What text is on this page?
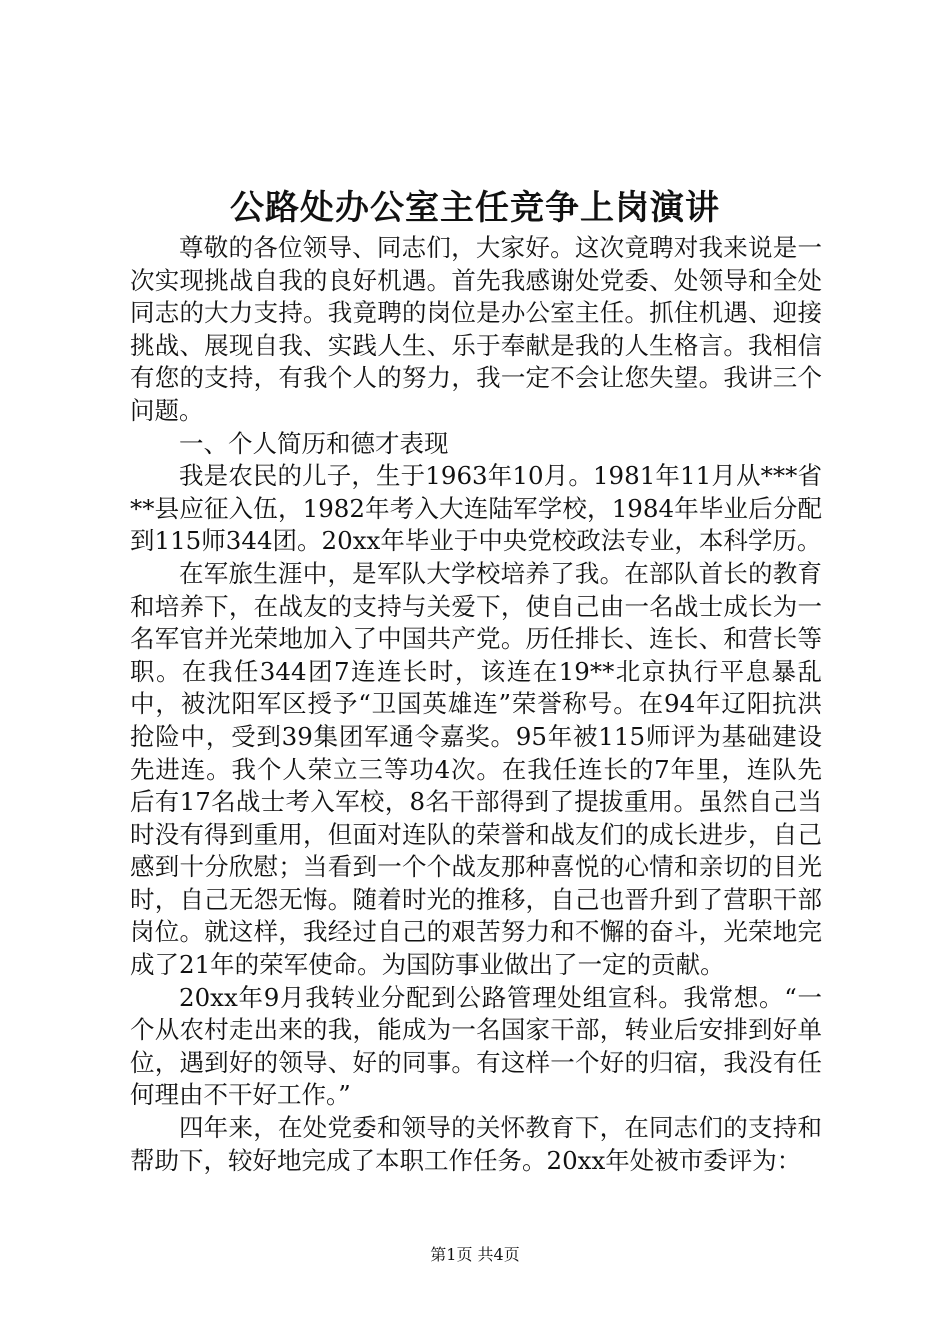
公路处办公室主任竞争上岗演讲

尊敬的各位领导、同志们，大家好。这次竟聘对我来说是一次实现挑战自我的良好机遇。首先我感谢处党委、处领导和全处同志的大力支持。我竟聘的岗位是办公室主任。抓住机遇、迎接挑战、展现自我、实践人生、乐于奉献是我的人生格言。我相信有您的支持，有我个人的努力，我一定不会让您失望。我讲三个问题。

一、个人简历和德才表现

我是农民的儿子，生于1963年10月。1981年11月从***省**县应征入伍，1982年考入大连陆军学校，1984年毕业后分配到115师344团。20xx年毕业于中央党校政法专业，本科学历。

在军旅生涯中，是军队大学校培养了我。在部队首长的教育和培养下，在战友的支持与关爱下，使自己由一名战士成长为一名军官并光荣地加入了中国共产党。历任排长、连长、和营长等职。在我任344团7连连长时，该连在19**北京执行平息暴乱中，被沈阳军区授予“卫国英雄连”荣誉称号。在94年辽阳抗洪抢险中，受到39集团军通令嘉奖。95年被115师评为基础建设先进连。我个人荣立三等功4次。在我任连长的7年里，连队先后有17名战士考入军校，8名干部得到了提拔重用。虽然自己当时没有得到重用，但面对连队的荣誉和战友们的成长进步，自己感到十分欣慰；当看到一个个战友那种喜悦的心情和亲切的目光时，自己无怨无悔。随着时光的推移，自己也晋升到了营职干部岗位。就这样，我经过自己的艰苦努力和不懈的奋斗，光荣地完成了21年的荣军使命。为国防事业做出了一定的贡献。

20xx年9月我转业分配到公路管理处组宣科。我常想。“一个从农村走出来的我，能成为一名国家干部，转业后安排到好单位，遇到好的领导、好的同事。有这样一个好的归宿，我没有任何理由不干好工作。”

四年来，在处党委和领导的关怀教育下，在同志们的支持和帮助下，较好地完成了本职工作任务。20xx年处被市委评为：

第1页 共4页
